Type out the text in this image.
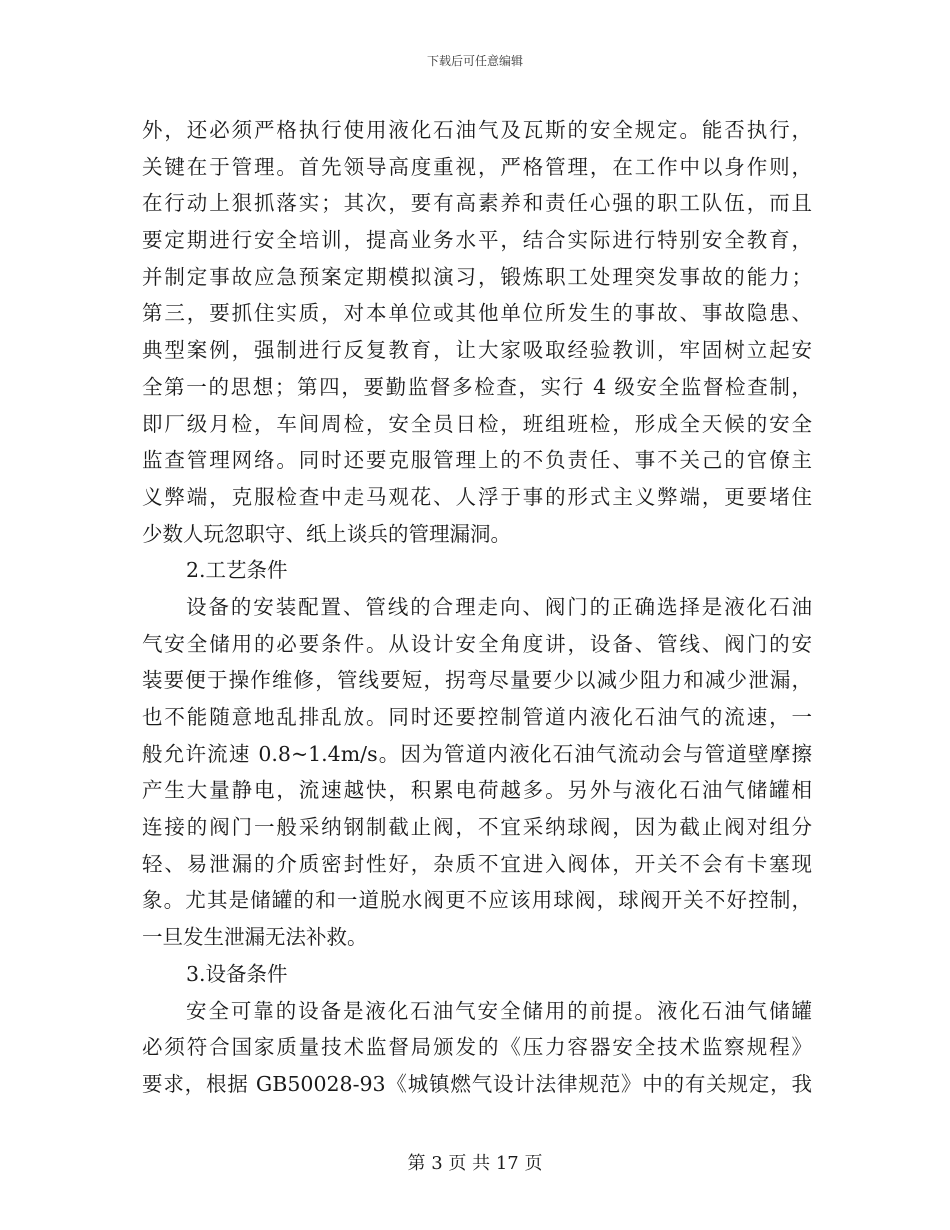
下载后可任意编辑
外，还必须严格执行使用液化石油气及瓦斯的安全规定。能否执行，
关键在于管理。首先领导高度重视，严格管理，在工作中以身作则，
在行动上狠抓落实；其次，要有高素养和责任心强的职工队伍，而且
要定期进行安全培训，提高业务水平，结合实际进行特别安全教育，
并制定事故应急预案定期模拟演习，锻炼职工处理突发事故的能力；
第三，要抓住实质，对本单位或其他单位所发生的事故、事故隐患、
典型案例，强制进行反复教育，让大家吸取经验教训，牢固树立起安
全第一的思想；第四，要勤监督多检查，实行 4 级安全监督检查制，
即厂级月检，车间周检，安全员日检，班组班检，形成全天候的安全
监查管理网络。同时还要克服管理上的不负责任、事不关己的官僚主
义弊端，克服检查中走马观花、人浮于事的形式主义弊端，更要堵住
少数人玩忽职守、纸上谈兵的管理漏洞。
2.工艺条件
设备的安装配置、管线的合理走向、阀门的正确选择是液化石油
气安全储用的必要条件。从设计安全角度讲，设备、管线、阀门的安
装要便于操作维修，管线要短，拐弯尽量要少以减少阻力和减少泄漏，
也不能随意地乱排乱放。同时还要控制管道内液化石油气的流速，一
般允许流速 0.8~1.4m/s。因为管道内液化石油气流动会与管道壁摩擦
产生大量静电，流速越快，积累电荷越多。另外与液化石油气储罐相
连接的阀门一般采纳钢制截止阀，不宜采纳球阀，因为截止阀对组分
轻、易泄漏的介质密封性好，杂质不宜进入阀体，开关不会有卡塞现
象。尤其是储罐的和一道脱水阀更不应该用球阀，球阀开关不好控制，
一旦发生泄漏无法补救。
3.设备条件
安全可靠的设备是液化石油气安全储用的前提。液化石油气储罐
必须符合国家质量技术监督局颁发的《压力容器安全技术监察规程》
要求，根据 GB50028-93《城镇燃气设计法律规范》中的有关规定，我
第 3 页 共 17 页
